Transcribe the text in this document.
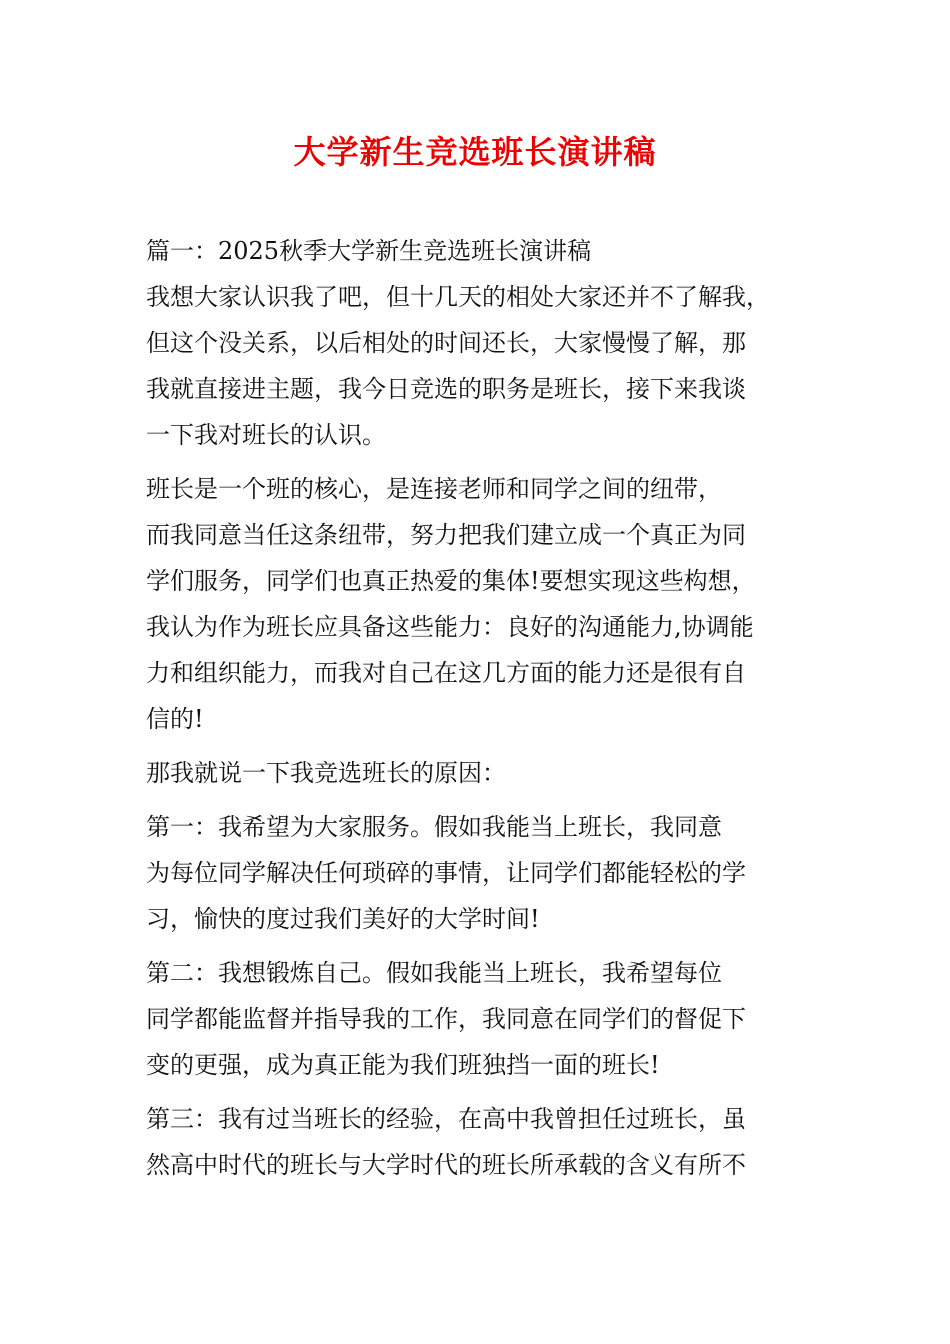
大学新生竞选班长演讲稿
篇一：2025秋季大学新生竞选班长演讲稿
我想大家认识我了吧，但十几天的相处大家还并不了解我，
但这个没关系，以后相处的时间还长，大家慢慢了解，那
我就直接进主题，我今日竞选的职务是班长，接下来我谈
一下我对班长的认识。
班长是一个班的核心，是连接老师和同学之间的纽带，
而我同意当任这条纽带，努力把我们建立成一个真正为同
学们服务，同学们也真正热爱的集体!要想实现这些构想，
我认为作为班长应具备这些能力：良好的沟通能力,协调能
力和组织能力，而我对自己在这几方面的能力还是很有自
信的!
那我就说一下我竞选班长的原因：
第一：我希望为大家服务。假如我能当上班长，我同意
为每位同学解决任何琐碎的事情，让同学们都能轻松的学
习，愉快的度过我们美好的大学时间!
第二：我想锻炼自己。假如我能当上班长，我希望每位
同学都能监督并指导我的工作，我同意在同学们的督促下
变的更强，成为真正能为我们班独挡一面的班长!
第三：我有过当班长的经验，在高中我曾担任过班长，虽
然高中时代的班长与大学时代的班长所承载的含义有所不
